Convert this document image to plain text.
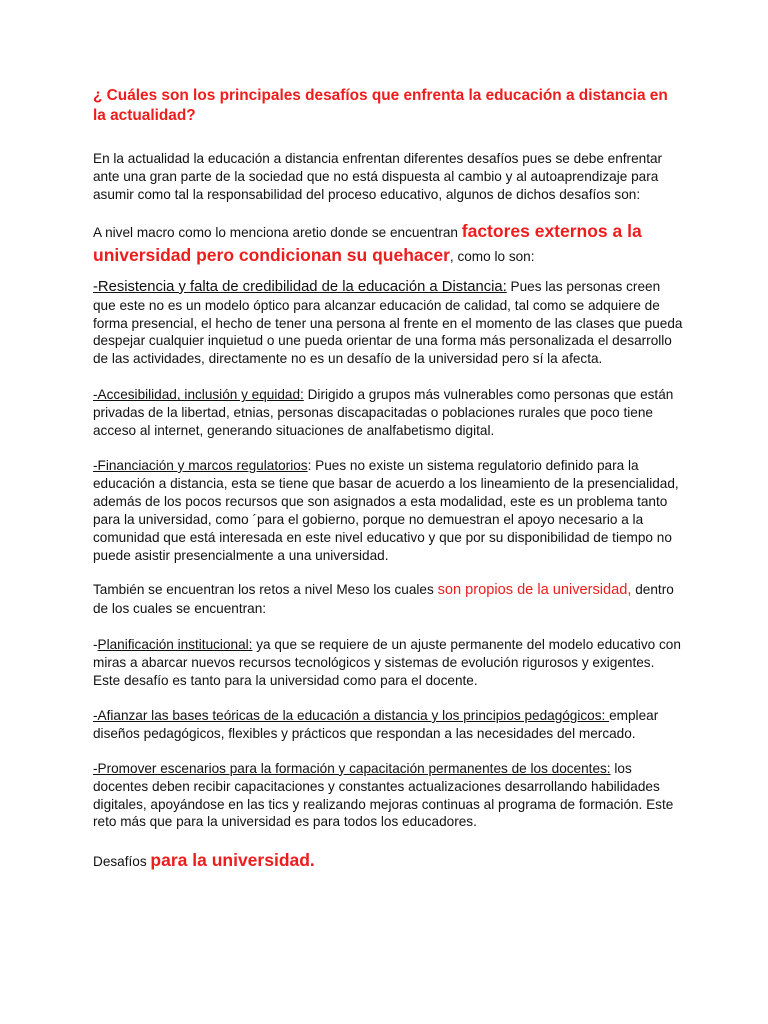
¿ Cuáles son los principales desafíos que enfrenta la educación a distancia en la actualidad?

En la actualidad la educación a distancia enfrentan diferentes desafíos pues se debe enfrentar ante una gran parte de la sociedad que no está dispuesta al cambio y al autoaprendizaje para asumir como tal la responsabilidad del proceso educativo, algunos de dichos desafíos son:

A nivel macro como lo menciona aretio donde se encuentran factores externos a la universidad pero condicionan su quehacer, como lo son:

-Resistencia y falta de credibilidad de la educación a Distancia: Pues las personas creen que este no es un modelo óptico para alcanzar educación de calidad, tal como se adquiere de forma presencial, el hecho de tener una persona al frente en el momento de las clases que pueda despejar cualquier inquietud o une pueda orientar de una forma más personalizada el desarrollo de las actividades, directamente no es un desafío de la universidad pero sí la afecta.

-Accesibilidad, inclusión y equidad: Dirigido a grupos más vulnerables como personas que están privadas de la libertad, etnias, personas discapacitadas o poblaciones rurales que poco tiene acceso al internet, generando situaciones de analfabetismo digital.

-Financiación y marcos regulatorios: Pues no existe un sistema regulatorio definido para la educación a distancia, esta se tiene que basar de acuerdo a los lineamiento de la presencialidad, además de los pocos recursos que son asignados a esta modalidad, este es un problema tanto para la universidad, como ´para el gobierno, porque no demuestran el apoyo necesario a la comunidad que está interesada en este nivel educativo y que por su disponibilidad de tiempo no puede asistir presencialmente a una universidad.

También se encuentran los retos a nivel Meso los cuales son propios de la universidad, dentro de los cuales se encuentran:

-Planificación institucional: ya que se requiere de un ajuste permanente del modelo educativo con miras a abarcar nuevos recursos tecnológicos y sistemas de evolución rigurosos y exigentes. Este desafío es tanto para la universidad como para el docente.

-Afianzar las bases teóricas de la educación a distancia y los principios pedagógicos: emplear diseños pedagógicos, flexibles y prácticos que respondan a las necesidades del mercado.

-Promover escenarios para la formación y capacitación permanentes de los docentes: los docentes deben recibir capacitaciones y constantes actualizaciones desarrollando habilidades digitales, apoyándose en las tics y realizando mejoras continuas al programa de formación. Este reto más que para la universidad es para todos los educadores.

Desafíos para la universidad.
